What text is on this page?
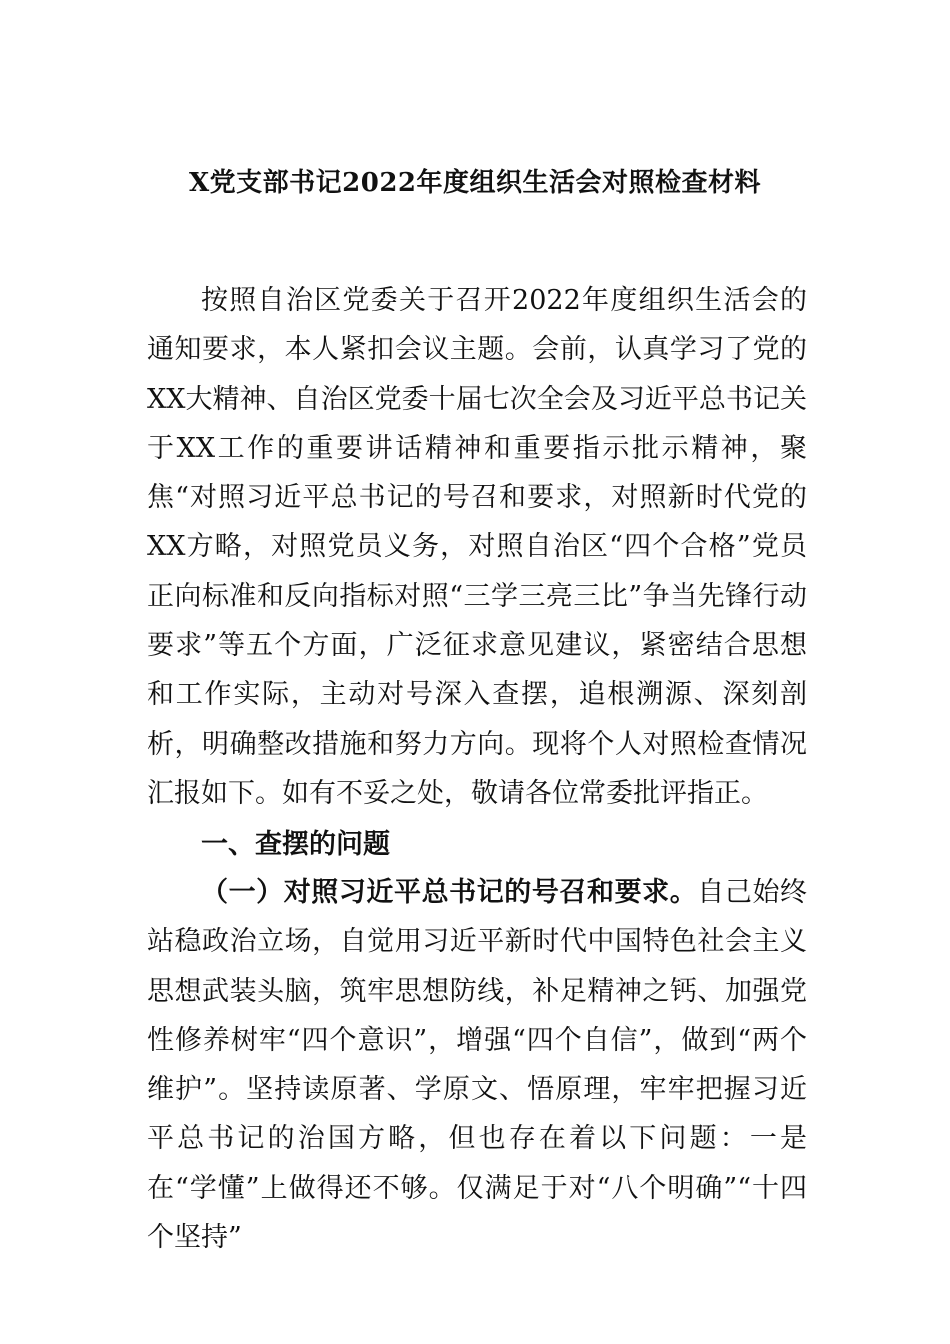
X党支部书记2022年度组织生活会对照检查材料

按照自治区党委关于召开2022年度组织生活会的通知要求，本人紧扣会议主题。会前，认真学习了党的XX大精神、自治区党委十届七次全会及习近平总书记关于XX工作的重要讲话精神和重要指示批示精神，聚焦“对照习近平总书记的号召和要求，对照新时代党的XX方略，对照党员义务，对照自治区“四个合格”党员正向标准和反向指标对照“三学三亮三比”争当先锋行动要求”等五个方面，广泛征求意见建议，紧密结合思想和工作实际，主动对号深入查摆，追根溯源、深刻剖析，明确整改措施和努力方向。现将个人对照检查情况汇报如下。如有不妥之处，敬请各位常委批评指正。

一、查摆的问题

（一）对照习近平总书记的号召和要求。自己始终站稳政治立场，自觉用习近平新时代中国特色社会主义思想武装头脑，筑牢思想防线，补足精神之钙、加强党性修养树牢“四个意识”，增强“四个自信”，做到“两个维护”。坚持读原著、学原文、悟原理，牢牢把握习近平总书记的治国方略，但也存在着以下问题：一是在“学懂”上做得还不够。仅满足于对“八个明确”“十四个坚持”
